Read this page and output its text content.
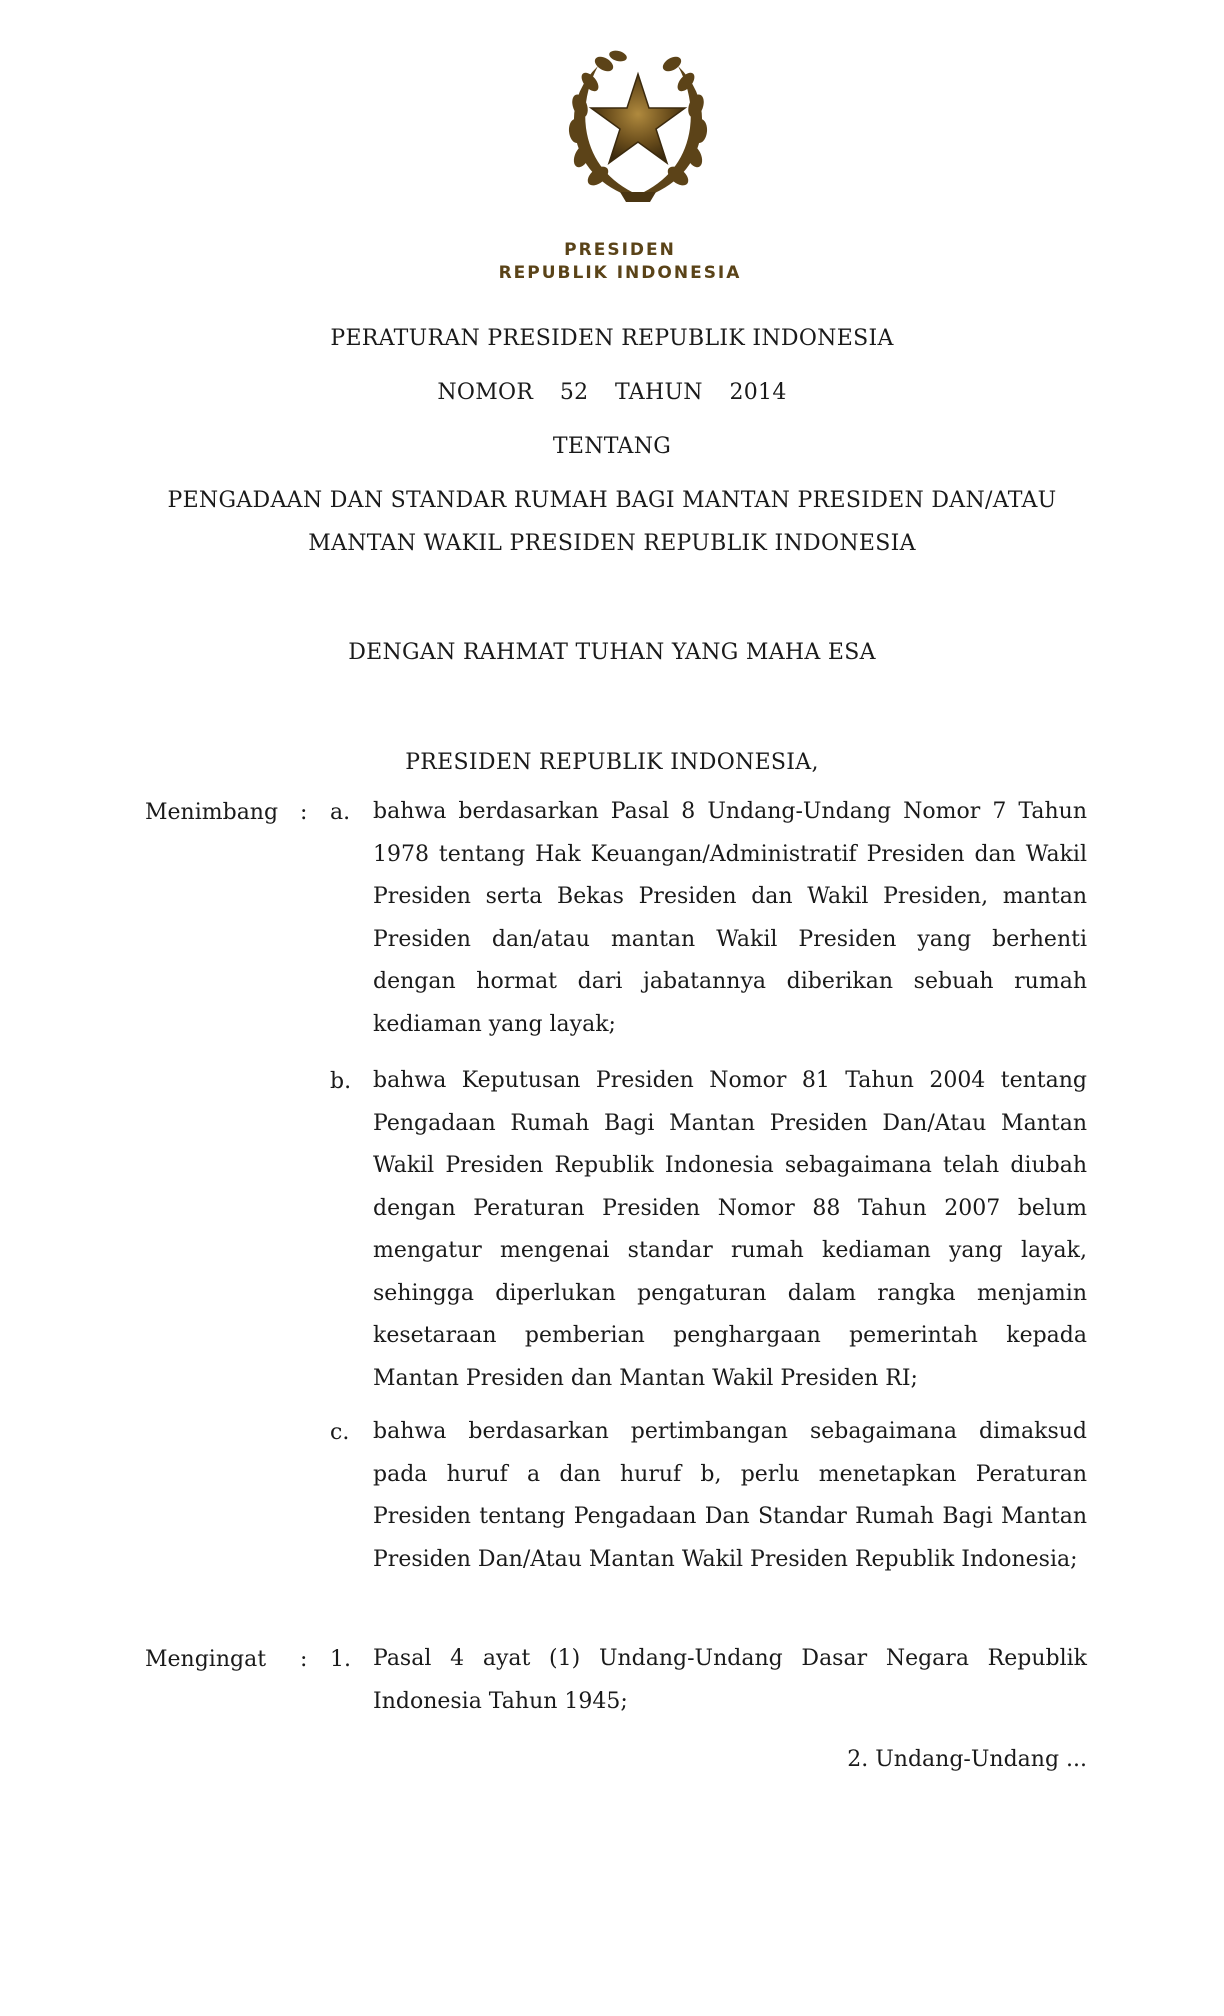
PRESIDEN
REPUBLIK INDONESIA
PERATURAN PRESIDEN REPUBLIK INDONESIA
NOMOR  52  TAHUN  2014
TENTANG
PENGADAAN DAN STANDAR RUMAH BAGI MANTAN PRESIDEN DAN/ATAU
MANTAN WAKIL PRESIDEN REPUBLIK INDONESIA
DENGAN RAHMAT TUHAN YANG MAHA ESA
PRESIDEN REPUBLIK INDONESIA,
Menimbang : a. bahwa berdasarkan Pasal 8 Undang-Undang Nomor 7 Tahun 1978 tentang Hak Keuangan/Administratif Presiden dan Wakil Presiden serta Bekas Presiden dan Wakil Presiden, mantan Presiden dan/atau mantan Wakil Presiden yang berhenti dengan hormat dari jabatannya diberikan sebuah rumah kediaman yang layak;
b. bahwa Keputusan Presiden Nomor 81 Tahun 2004 tentang Pengadaan Rumah Bagi Mantan Presiden Dan/Atau Mantan Wakil Presiden Republik Indonesia sebagaimana telah diubah dengan Peraturan Presiden Nomor 88 Tahun 2007 belum mengatur mengenai standar rumah kediaman yang layak, sehingga diperlukan pengaturan dalam rangka menjamin kesetaraan pemberian penghargaan pemerintah kepada Mantan Presiden dan Mantan Wakil Presiden RI;
c. bahwa berdasarkan pertimbangan sebagaimana dimaksud pada huruf a dan huruf b, perlu menetapkan Peraturan Presiden tentang Pengadaan Dan Standar Rumah Bagi Mantan Presiden Dan/Atau Mantan Wakil Presiden Republik Indonesia;
Mengingat : 1. Pasal 4 ayat (1) Undang-Undang Dasar Negara Republik Indonesia Tahun 1945;
2. Undang-Undang ...
